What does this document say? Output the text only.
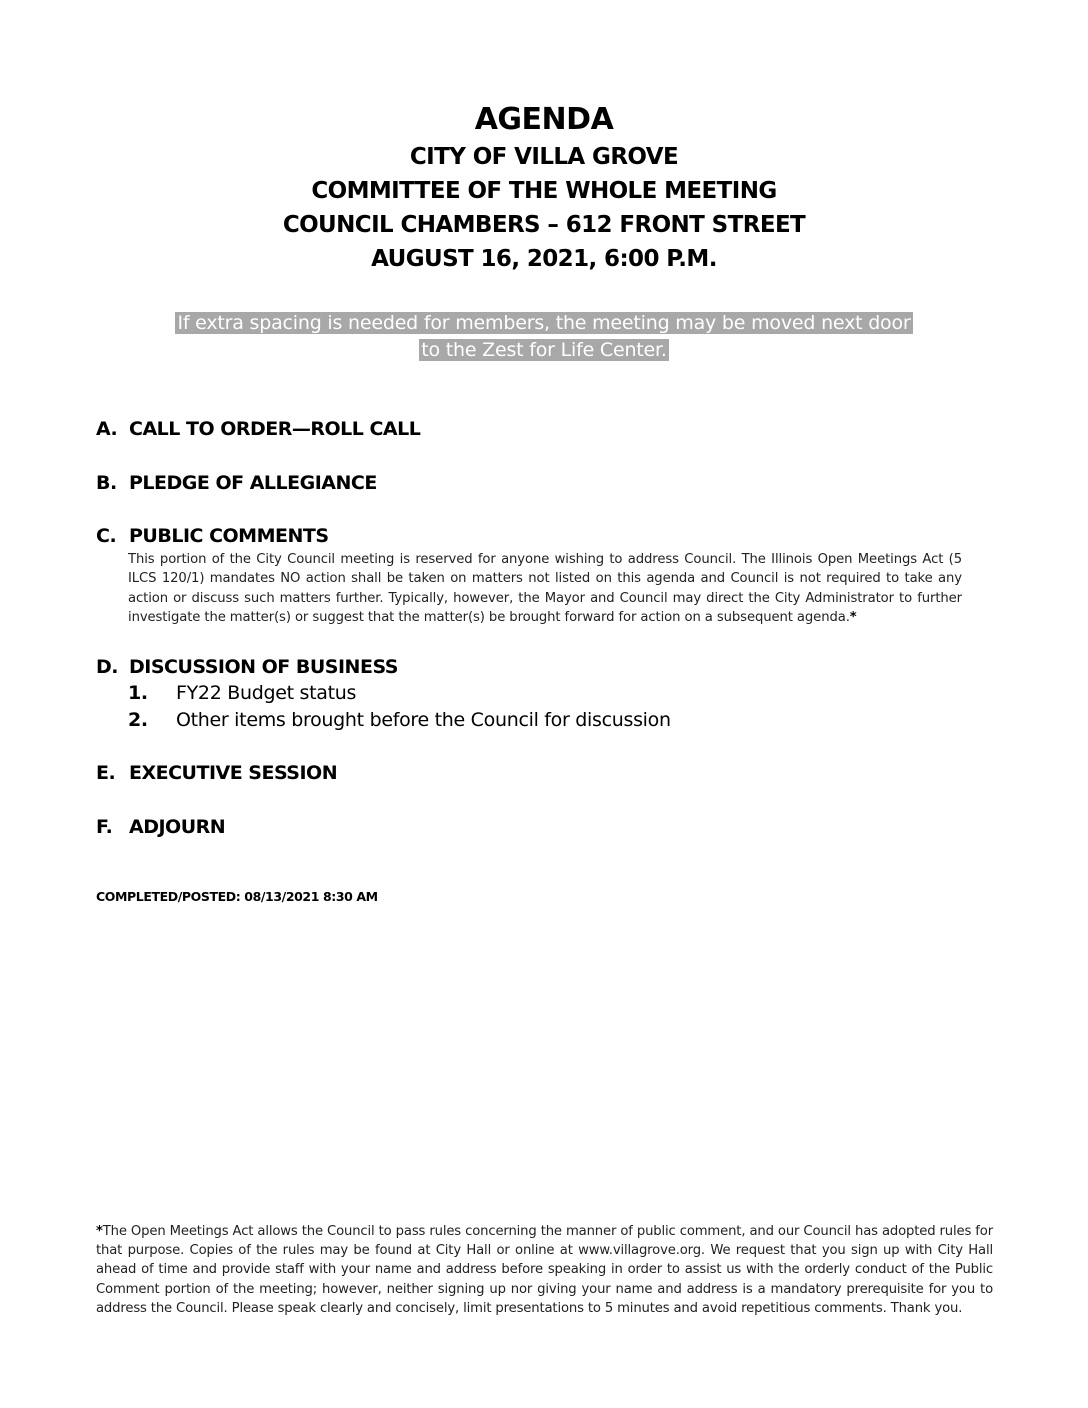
AGENDA
CITY OF VILLA GROVE
COMMITTEE OF THE WHOLE MEETING
COUNCIL CHAMBERS – 612 FRONT STREET
AUGUST 16, 2021, 6:00 P.M.
If extra spacing is needed for members, the meeting may be moved next door
to the Zest for Life Center.
A. CALL TO ORDER—ROLL CALL
B. PLEDGE OF ALLEGIANCE
C. PUBLIC COMMENTS
This portion of the City Council meeting is reserved for anyone wishing to address Council. The Illinois Open Meetings Act (5 ILCS 120/1) mandates NO action shall be taken on matters not listed on this agenda and Council is not required to take any action or discuss such matters further. Typically, however, the Mayor and Council may direct the City Administrator to further investigate the matter(s) or suggest that the matter(s) be brought forward for action on a subsequent agenda.*
D. DISCUSSION OF BUSINESS
1. FY22 Budget status
2. Other items brought before the Council for discussion
E. EXECUTIVE SESSION
F. ADJOURN
COMPLETED/POSTED: 08/13/2021 8:30 AM
*The Open Meetings Act allows the Council to pass rules concerning the manner of public comment, and our Council has adopted rules for that purpose. Copies of the rules may be found at City Hall or online at www.villagrove.org. We request that you sign up with City Hall ahead of time and provide staff with your name and address before speaking in order to assist us with the orderly conduct of the Public Comment portion of the meeting; however, neither signing up nor giving your name and address is a mandatory prerequisite for you to address the Council. Please speak clearly and concisely, limit presentations to 5 minutes and avoid repetitious comments. Thank you.
